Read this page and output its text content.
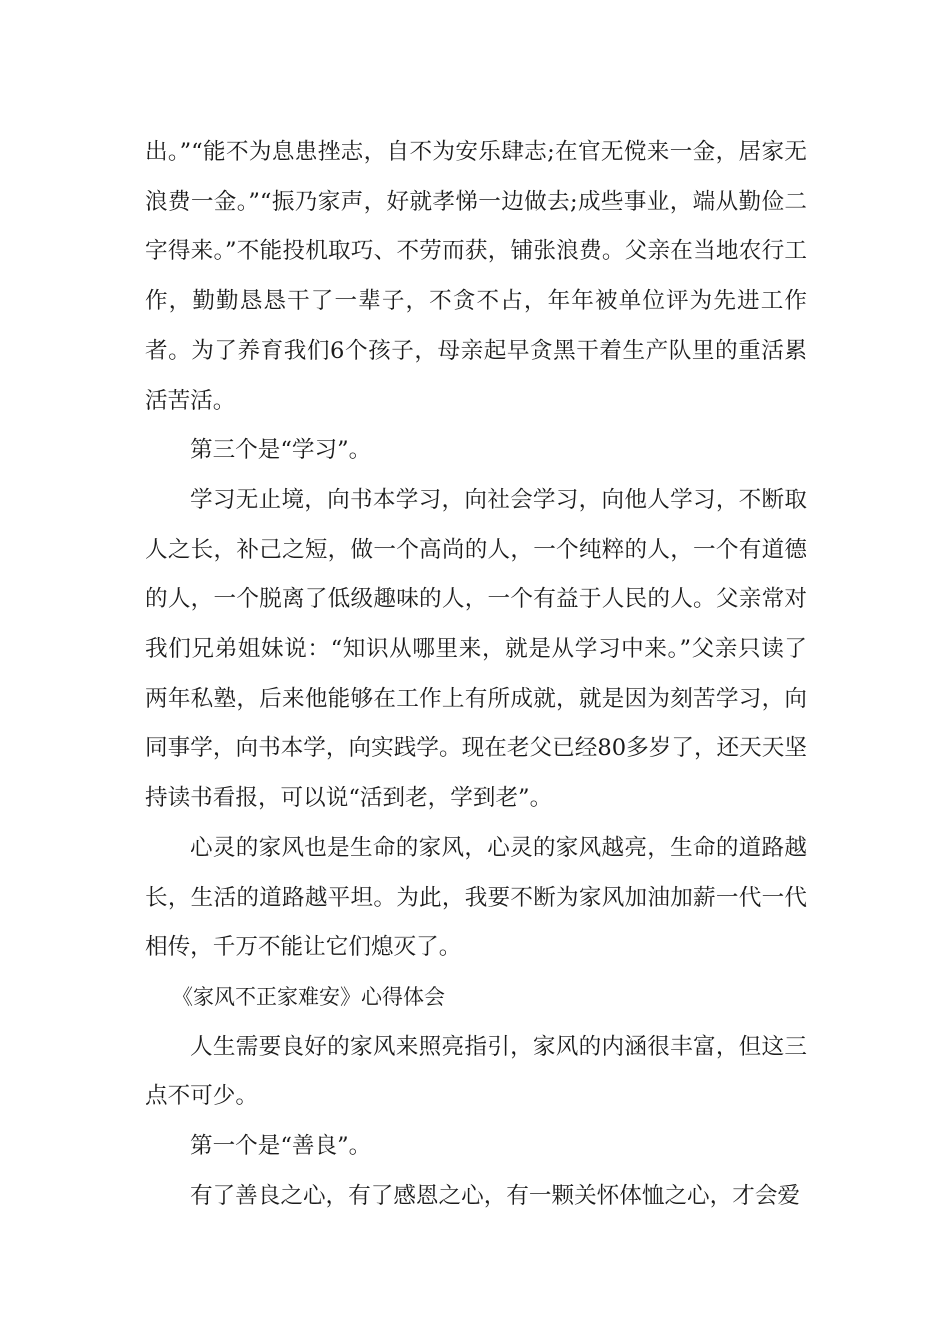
出。”“能不为息患挫志，自不为安乐肆志;在官无傥来一金，居家无浪费一金。”“振乃家声，好就孝悌一边做去;成些事业，端从勤俭二字得来。”不能投机取巧、不劳而获，铺张浪费。父亲在当地农行工作，勤勤恳恳干了一辈子，不贪不占，年年被单位评为先进工作者。为了养育我们6个孩子，母亲起早贪黑干着生产队里的重活累活苦活。

第三个是“学习”。

学习无止境，向书本学习，向社会学习，向他人学习，不断取人之长，补己之短，做一个高尚的人，一个纯粹的人，一个有道德的人，一个脱离了低级趣味的人，一个有益于人民的人。父亲常对我们兄弟姐妹说：“知识从哪里来，就是从学习中来。”父亲只读了两年私塾，后来他能够在工作上有所成就，就是因为刻苦学习，向同事学，向书本学，向实践学。现在老父已经80多岁了，还天天坚持读书看报，可以说“活到老，学到老”。

心灵的家风也是生命的家风，心灵的家风越亮，生命的道路越长，生活的道路越平坦。为此，我要不断为家风加油加薪一代一代相传，千万不能让它们熄灭了。

《家风不正家难安》心得体会

人生需要良好的家风来照亮指引，家风的内涵很丰富，但这三点不可少。

第一个是“善良”。

有了善良之心，有了感恩之心，有一颗关怀体恤之心，才会爱
